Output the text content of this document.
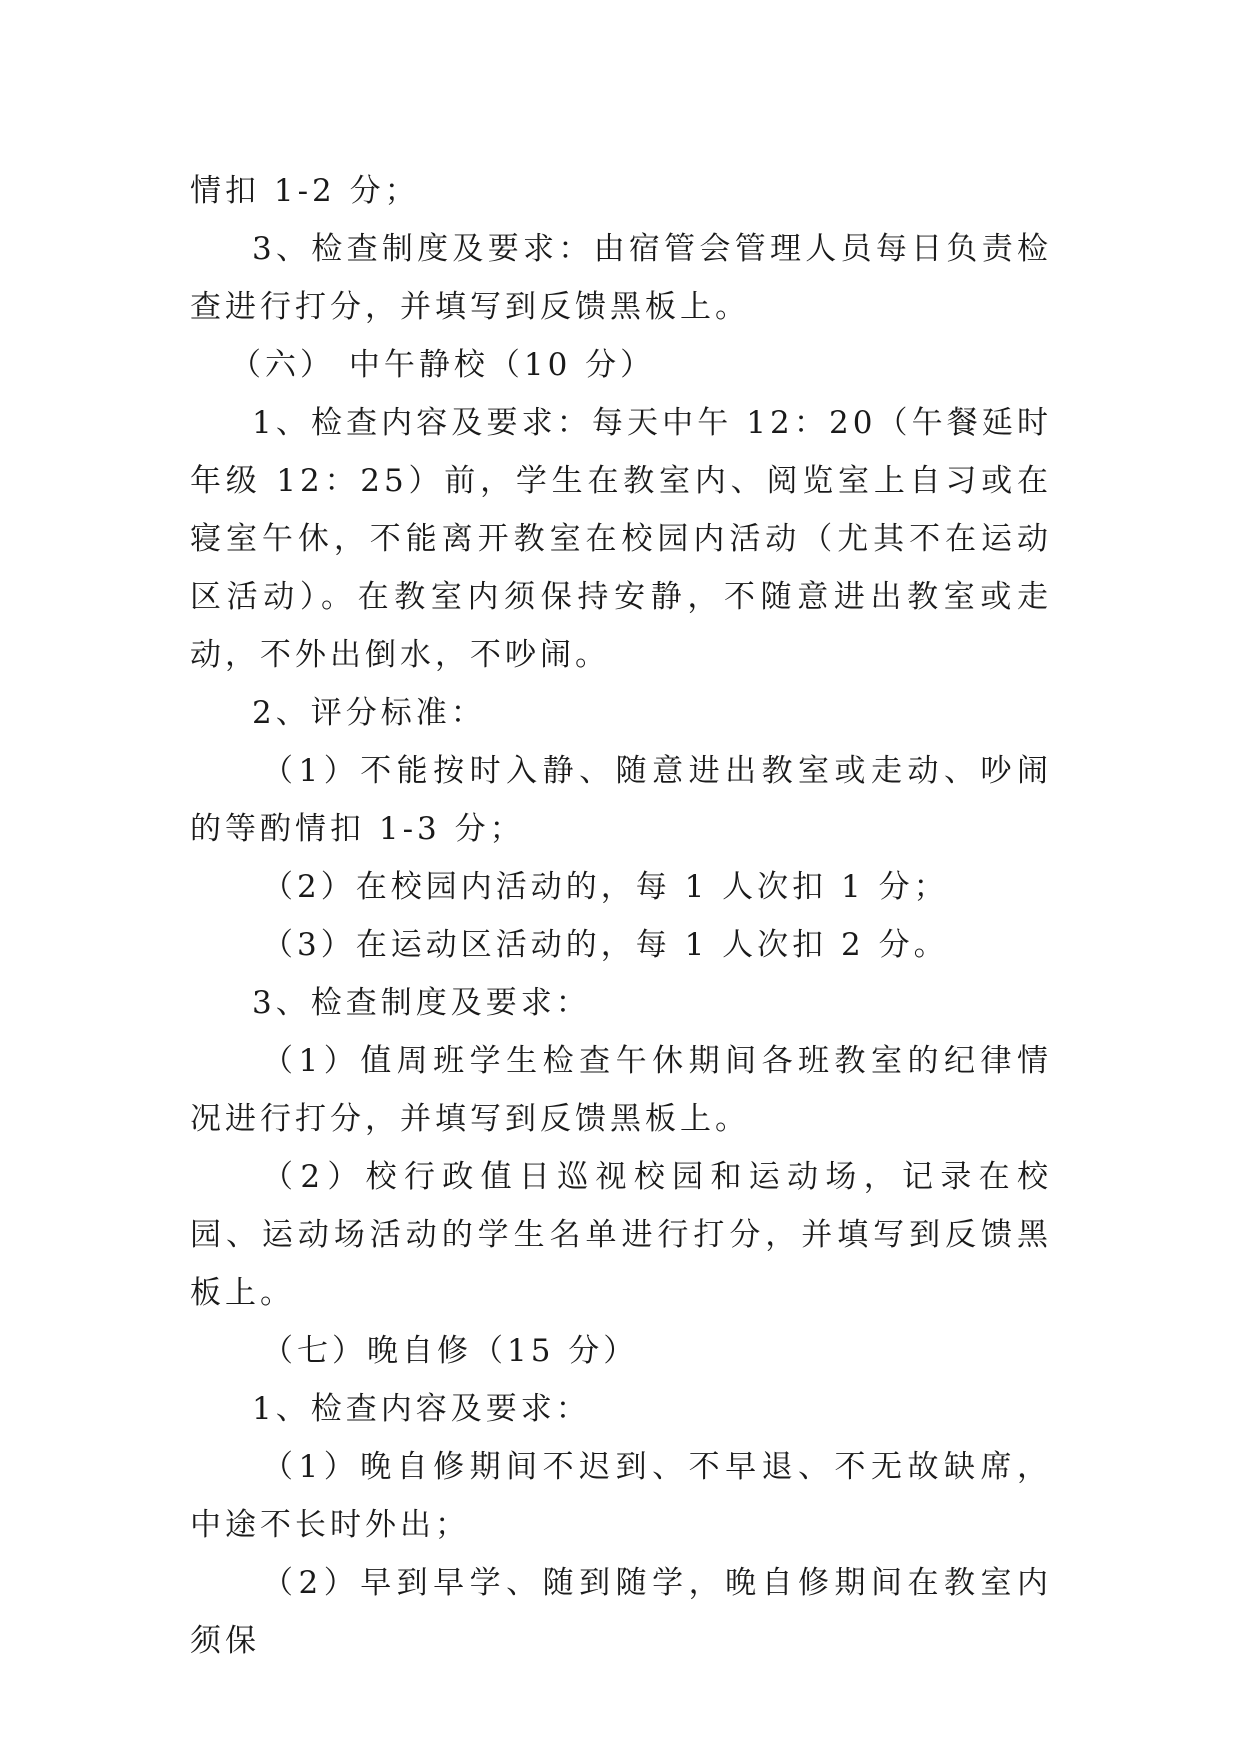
情扣 1-2 分；

3、检查制度及要求：由宿管会管理人员每日负责检查进行打分，并填写到反馈黑板上。

（六） 中午静校（10 分）

1、检查内容及要求：每天中午 12：20（午餐延时年级 12：25）前，学生在教室内、阅览室上自习或在寝室午休，不能离开教室在校园内活动（尤其不在运动区活动）。在教室内须保持安静，不随意进出教室或走动，不外出倒水，不吵闹。

2、评分标准：

（1）不能按时入静、随意进出教室或走动、吵闹的等酌情扣 1-3 分；

（2）在校园内活动的，每 1 人次扣 1 分；

（3）在运动区活动的，每 1 人次扣 2 分。

3、检查制度及要求：

（1）值周班学生检查午休期间各班教室的纪律情况进行打分，并填写到反馈黑板上。

（2）校行政值日巡视校园和运动场，记录在校园、运动场活动的学生名单进行打分，并填写到反馈黑板上。

（七）晚自修（15 分）

1、检查内容及要求：

（1）晚自修期间不迟到、不早退、不无故缺席，中途不长时外出；

（2）早到早学、随到随学，晚自修期间在教室内须保
